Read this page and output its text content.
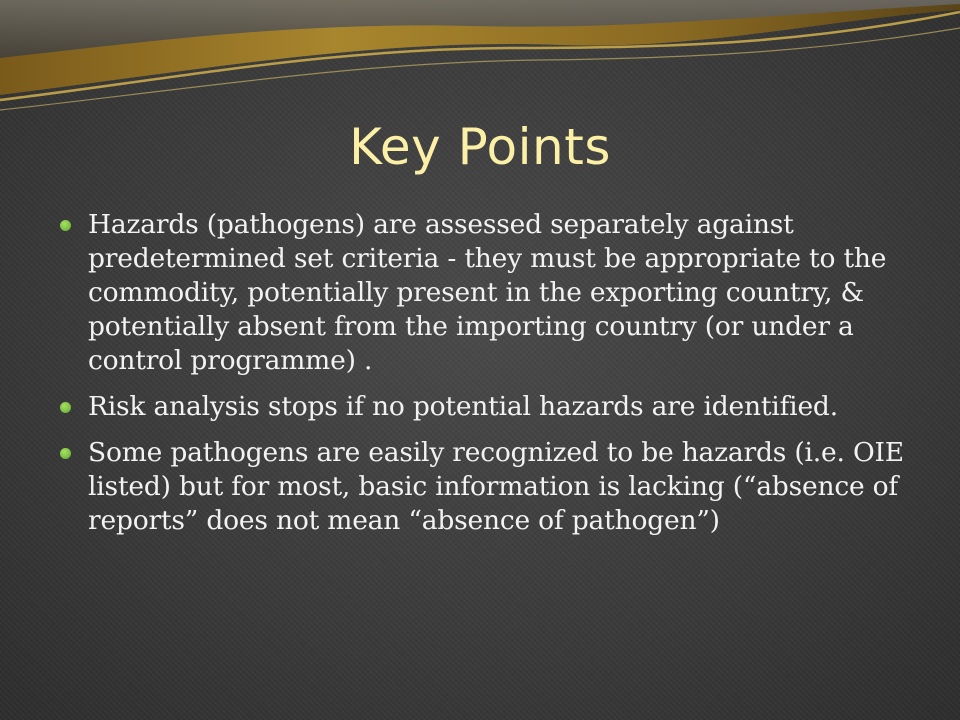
Key Points
Hazards (pathogens) are assessed separately against predetermined set criteria - they must be appropriate to the commodity, potentially present in the exporting country, & potentially absent from the importing country (or under a control programme) .
Risk analysis stops if no potential hazards are identified.
Some pathogens are easily recognized to be hazards (i.e. OIE listed) but for most, basic information is lacking (“absence of reports” does not mean “absence of pathogen”)
